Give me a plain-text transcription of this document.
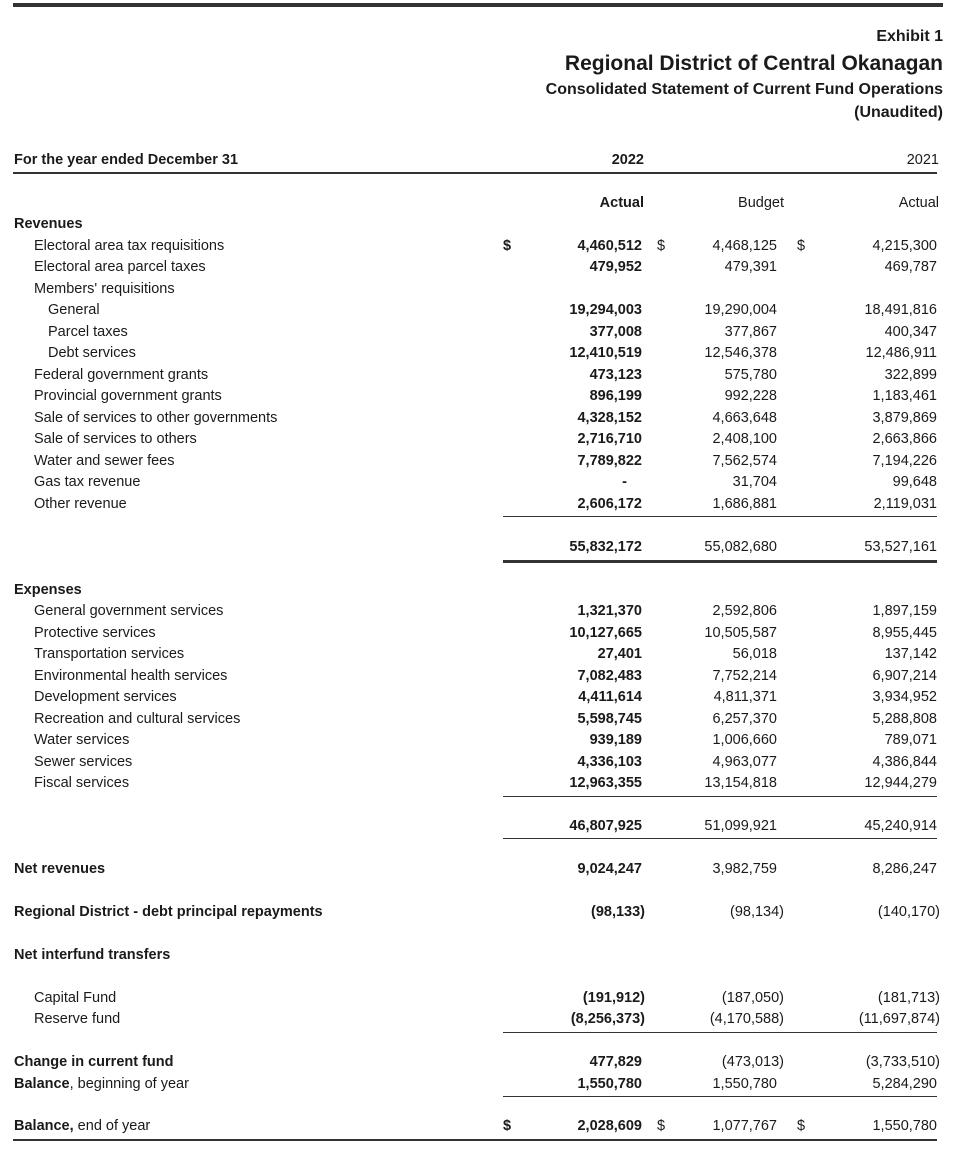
Exhibit 1
Regional District of Central Okanagan
Consolidated Statement of Current Fund Operations
(Unaudited)
For the year ended December 31	2022	2021
Actual	Budget	Actual
Revenues
Electoral area tax requisitions	$	4,460,512 $	4,468,125 $	4,215,300
Electoral area parcel taxes	479,952	479,391	469,787
Members' requisitions
General	19,294,003	19,290,004	18,491,816
Parcel taxes	377,008	377,867	400,347
Debt services	12,410,519	12,546,378	12,486,911
Federal government grants	473,123	575,780	322,899
Provincial government grants	896,199	992,228	1,183,461
Sale of services to other governments	4,328,152	4,663,648	3,879,869
Sale of services to others	2,716,710	2,408,100	2,663,866
Water and sewer fees	7,789,822	7,562,574	7,194,226
Gas tax revenue	-	31,704	99,648
Other revenue	2,606,172	1,686,881	2,119,031
55,832,172	55,082,680	53,527,161
Expenses
General government services	1,321,370	2,592,806	1,897,159
Protective services	10,127,665	10,505,587	8,955,445
Transportation services	27,401	56,018	137,142
Environmental health services	7,082,483	7,752,214	6,907,214
Development services	4,411,614	4,811,371	3,934,952
Recreation and cultural services	5,598,745	6,257,370	5,288,808
Water services	939,189	1,006,660	789,071
Sewer services	4,336,103	4,963,077	4,386,844
Fiscal services	12,963,355	13,154,818	12,944,279
46,807,925	51,099,921	45,240,914
Net revenues	9,024,247	3,982,759	8,286,247
Regional District - debt principal repayments	(98,133)	(98,134)	(140,170)
Net interfund transfers
Capital Fund	(191,912)	(187,050)	(181,713)
Reserve fund	(8,256,373)	(4,170,588)	(11,697,874)
Change in current fund	477,829	(473,013)	(3,733,510)
Balance, beginning of year	1,550,780	1,550,780	5,284,290
Balance, end of year	$	2,028,609 $	1,077,767 $	1,550,780
